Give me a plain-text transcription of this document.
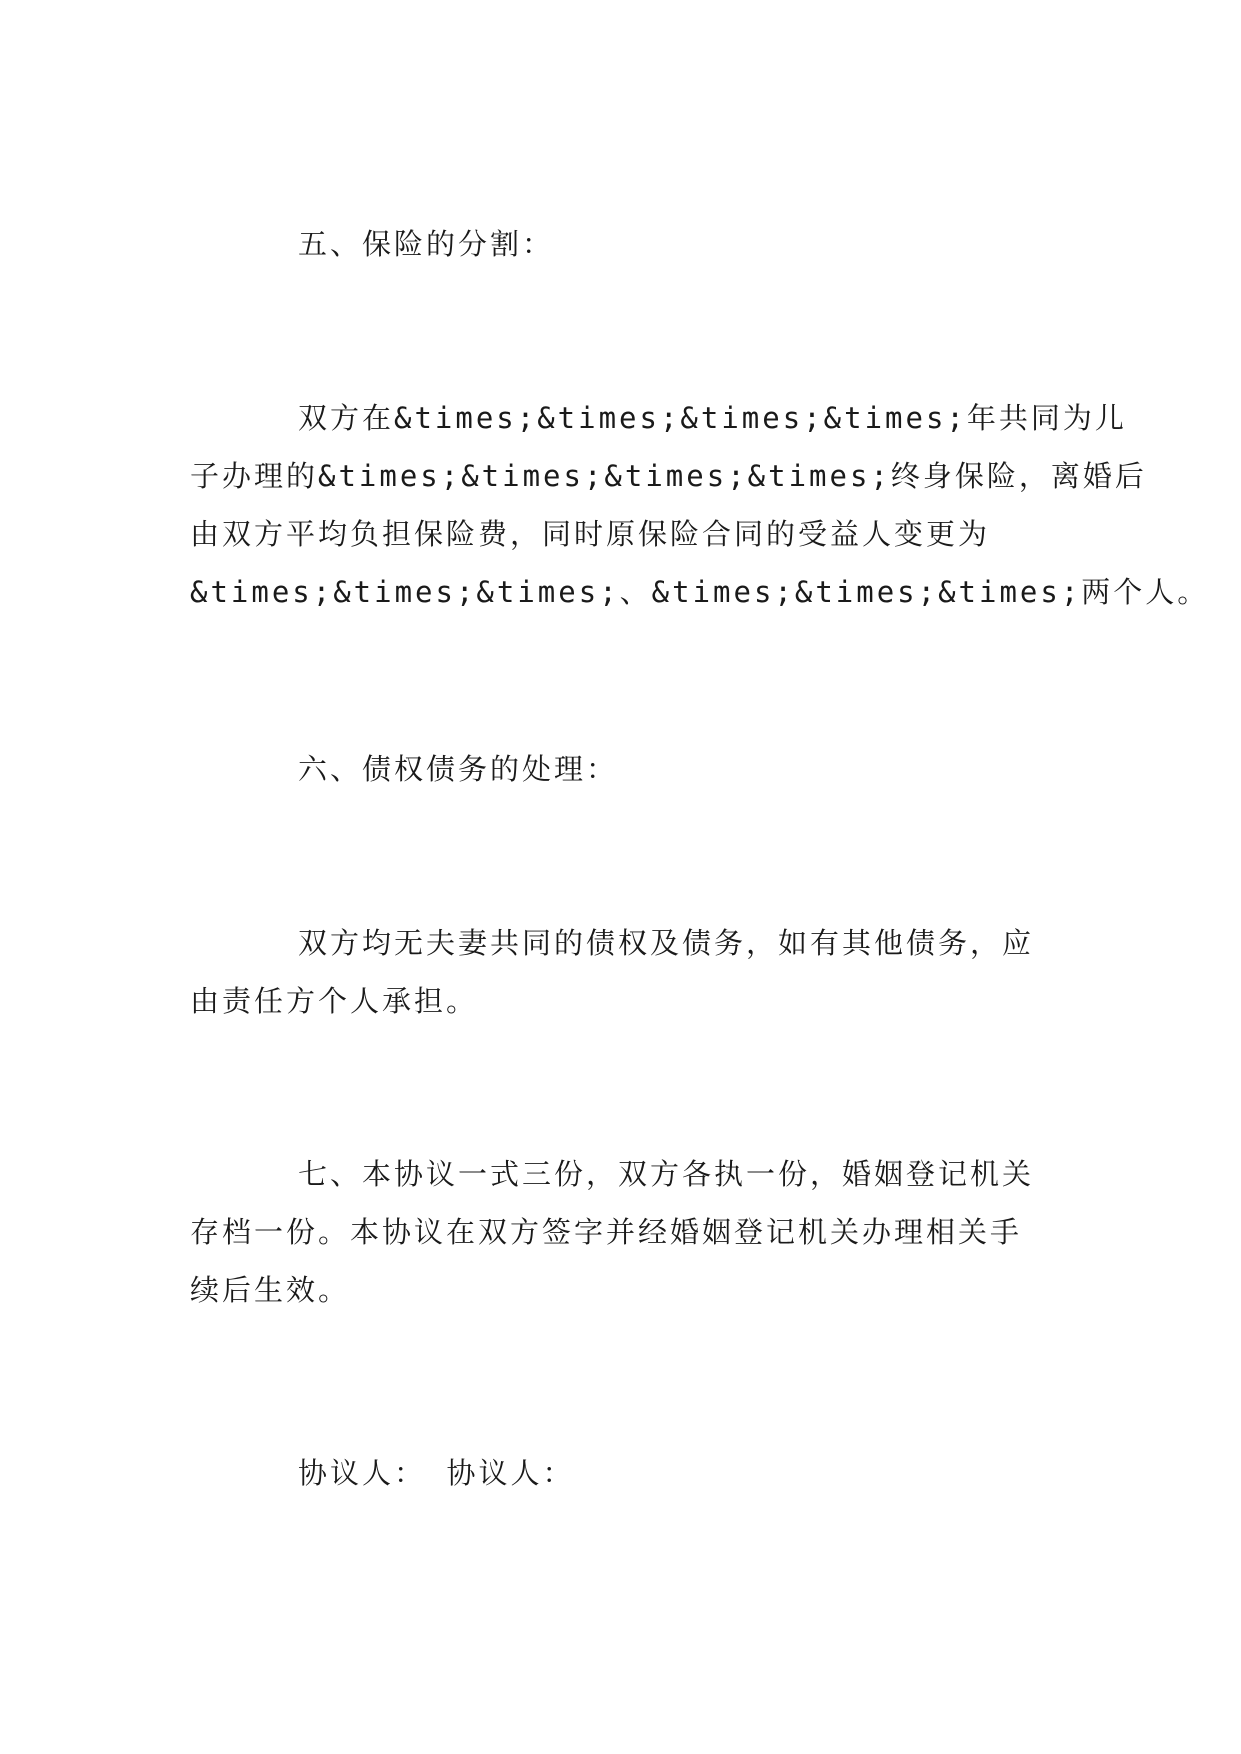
五、保险的分割：

双方在&times;&times;&times;&times;年共同为儿
子办理的&times;&times;&times;&times;终身保险，离婚后
由双方平均负担保险费，同时原保险合同的受益人变更为
&times;&times;&times;、&times;&times;&times;两个人。

六、债权债务的处理：

双方均无夫妻共同的债权及债务，如有其他债务，应
由责任方个人承担。
七、本协议一式三份，双方各执一份，婚姻登记机关
存档一份。本协议在双方签字并经婚姻登记机关办理相关手
续后生效。

协议人： 协议人：
